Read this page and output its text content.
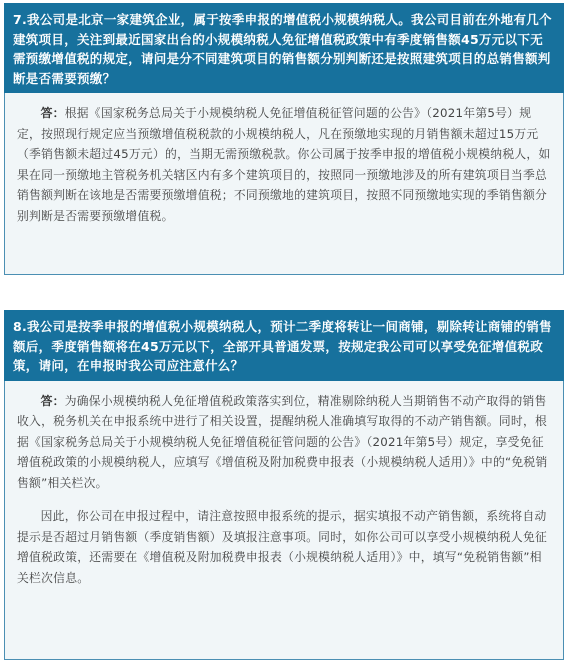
7.我公司是北京一家建筑企业，属于按季申报的增值税小规模纳税人。我公司目前在外地有几个建筑项目，关注到最近国家出台的小规模纳税人免征增值税政策中有季度销售额45万元以下无需预缴增值税的规定，请问是分不同建筑项目的销售额分别判断还是按照建筑项目的总销售额判断是否需要预缴？

答：根据《国家税务总局关于小规模纳税人免征增值税征管问题的公告》（2021年第5号）规定，按照现行规定应当预缴增值税税款的小规模纳税人，凡在预缴地实现的月销售额未超过15万元（季销售额未超过45万元）的，当期无需预缴税款。你公司属于按季申报的增值税小规模纳税人，如果在同一预缴地主管税务机关辖区内有多个建筑项目的，按照同一预缴地涉及的所有建筑项目当季总销售额判断在该地是否需要预缴增值税；不同预缴地的建筑项目，按照不同预缴地实现的季销售额分别判断是否需要预缴增值税。

8.我公司是按季申报的增值税小规模纳税人，预计二季度将转让一间商铺，剔除转让商铺的销售额后，季度销售额将在45万元以下，全部开具普通发票，按规定我公司可以享受免征增值税政策，请问，在申报时我公司应注意什么？

答：为确保小规模纳税人免征增值税政策落实到位，精准剔除纳税人当期销售不动产取得的销售收入，税务机关在申报系统中进行了相关设置，提醒纳税人准确填写取得的不动产销售额。同时，根据《国家税务总局关于小规模纳税人免征增值税征管问题的公告》（2021年第5号）规定，享受免征增值税政策的小规模纳税人，应填写《增值税及附加税费申报表（小规模纳税人适用）》中的“免税销售额”相关栏次。

因此，你公司在申报过程中，请注意按照申报系统的提示，据实填报不动产销售额，系统将自动提示是否超过月销售额（季度销售额）及填报注意事项。同时，如你公司可以享受小规模纳税人免征增值税政策，还需要在《增值税及附加税费申报表（小规模纳税人适用）》中，填写“免税销售额”相关栏次信息。
